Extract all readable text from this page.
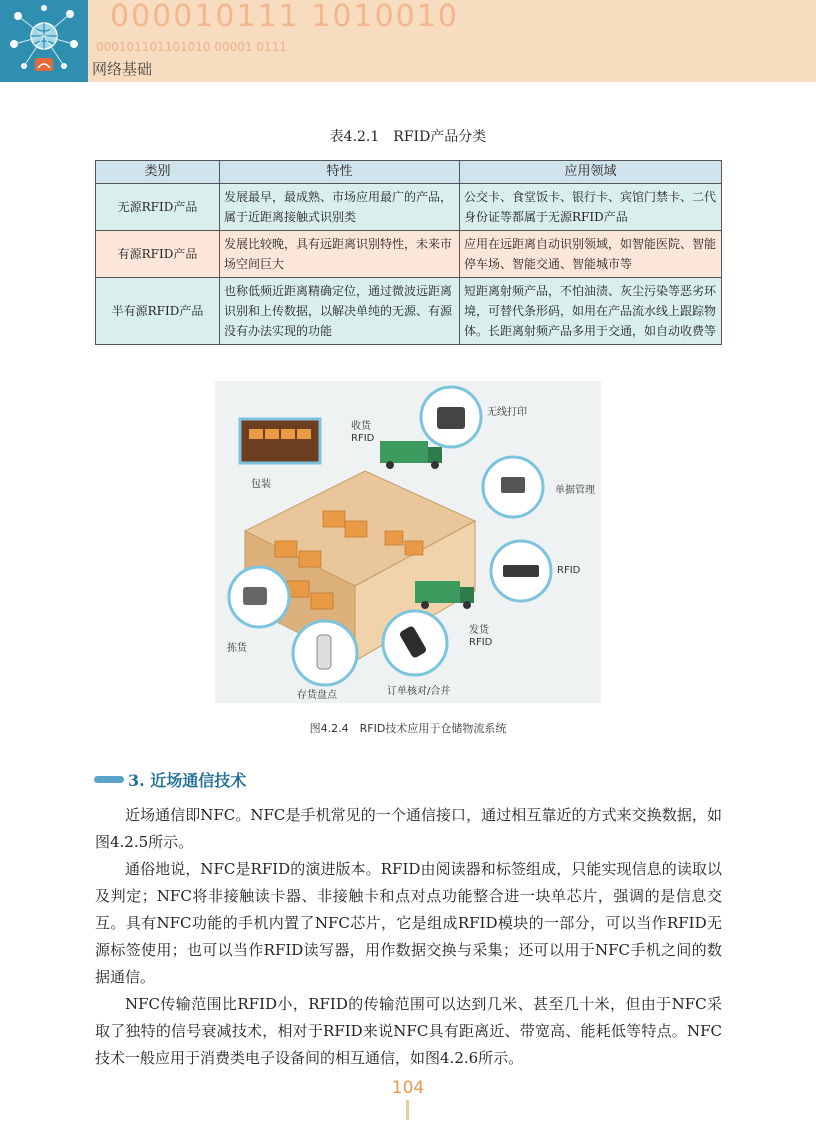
000010111 1010010
000101101101010 00001 0111
网络基础
表4.2.1　RFID产品分类
类别	特性	应用领域
无源RFID产品	发展最早，最成熟、市场应用最广的产品，属于近距离接触式识别类	公交卡、食堂饭卡、银行卡、宾馆门禁卡、二代身份证等都属于无源RFID产品
有源RFID产品	发展比较晚，具有远距离识别特性，未来市场空间巨大	应用在远距离自动识别领域，如智能医院、智能停车场、智能交通、智能城市等
半有源RFID产品	也称低频近距离精确定位，通过微波远距离识别和上传数据，以解决单纯的无源、有源没有办法实现的功能	短距离射频产品，不怕油渍、灰尘污染等恶劣环境，可替代条形码，如用在产品流水线上跟踪物体。长距离射频产品多用于交通，如自动收费等
收货
RFID
无线打印
包装
单据管理
RFID
发货
RFID
拣货
存货盘点	订单核对/合并
图4.2.4　RFID技术应用于仓储物流系统
3. 近场通信技术

近场通信即NFC。NFC是手机常见的一个通信接口，通过相互靠近的方式来交换数据，如图4.2.5所示。

通俗地说，NFC是RFID的演进版本。RFID由阅读器和标签组成，只能实现信息的读取以及判定；NFC将非接触读卡器、非接触卡和点对点功能整合进一块单芯片，强调的是信息交互。具有NFC功能的手机内置了NFC芯片，它是组成RFID模块的一部分，可以当作RFID无源标签使用；也可以当作RFID读写器，用作数据交换与采集；还可以用于NFC手机之间的数据通信。

NFC传输范围比RFID小，RFID的传输范围可以达到几米、甚至几十米，但由于NFC采取了独特的信号衰减技术，相对于RFID来说NFC具有距离近、带宽高、能耗低等特点。NFC技术一般应用于消费类电子设备间的相互通信，如图4.2.6所示。

104
